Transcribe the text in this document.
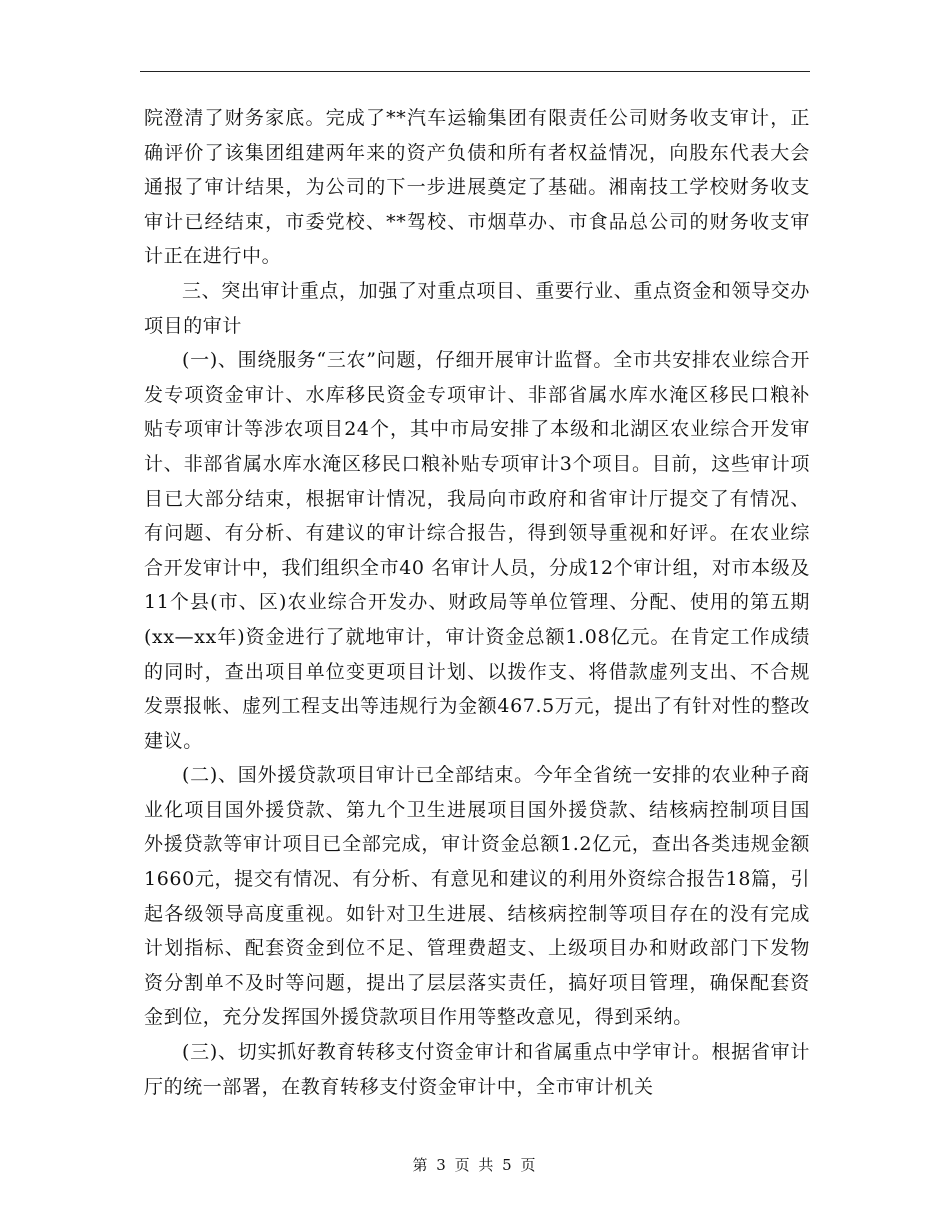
院澄清了财务家底。完成了**汽车运输集团有限责任公司财务收支审计，正确评价了该集团组建两年来的资产负债和所有者权益情况，向股东代表大会通报了审计结果，为公司的下一步进展奠定了基础。湘南技工学校财务收支审计已经结束，市委党校、**驾校、市烟草办、市食品总公司的财务收支审计正在进行中。

三、突出审计重点，加强了对重点项目、重要行业、重点资金和领导交办项目的审计

(一)、围绕服务“三农”问题，仔细开展审计监督。全市共安排农业综合开发专项资金审计、水库移民资金专项审计、非部省属水库水淹区移民口粮补贴专项审计等涉农项目24个，其中市局安排了本级和北湖区农业综合开发审计、非部省属水库水淹区移民口粮补贴专项审计3个项目。目前，这些审计项目已大部分结束，根据审计情况，我局向市政府和省审计厅提交了有情况、有问题、有分析、有建议的审计综合报告，得到领导重视和好评。在农业综合开发审计中，我们组织全市40 名审计人员，分成12个审计组，对市本级及11个县(市、区)农业综合开发办、财政局等单位管理、分配、使用的第五期(xx—xx年)资金进行了就地审计，审计资金总额1.08亿元。在肯定工作成绩的同时，查出项目单位变更项目计划、以拨作支、将借款虚列支出、不合规发票报帐、虚列工程支出等违规行为金额467.5万元，提出了有针对性的整改建议。

(二)、国外援贷款项目审计已全部结束。今年全省统一安排的农业种子商业化项目国外援贷款、第九个卫生进展项目国外援贷款、结核病控制项目国外援贷款等审计项目已全部完成，审计资金总额1.2亿元，查出各类违规金额1660元，提交有情况、有分析、有意见和建议的利用外资综合报告18篇，引起各级领导高度重视。如针对卫生进展、结核病控制等项目存在的没有完成计划指标、配套资金到位不足、管理费超支、上级项目办和财政部门下发物资分割单不及时等问题，提出了层层落实责任，搞好项目管理，确保配套资金到位，充分发挥国外援贷款项目作用等整改意见，得到采纳。

(三)、切实抓好教育转移支付资金审计和省属重点中学审计。根据省审计厅的统一部署，在教育转移支付资金审计中，全市审计机关

第 3 页 共 5 页
